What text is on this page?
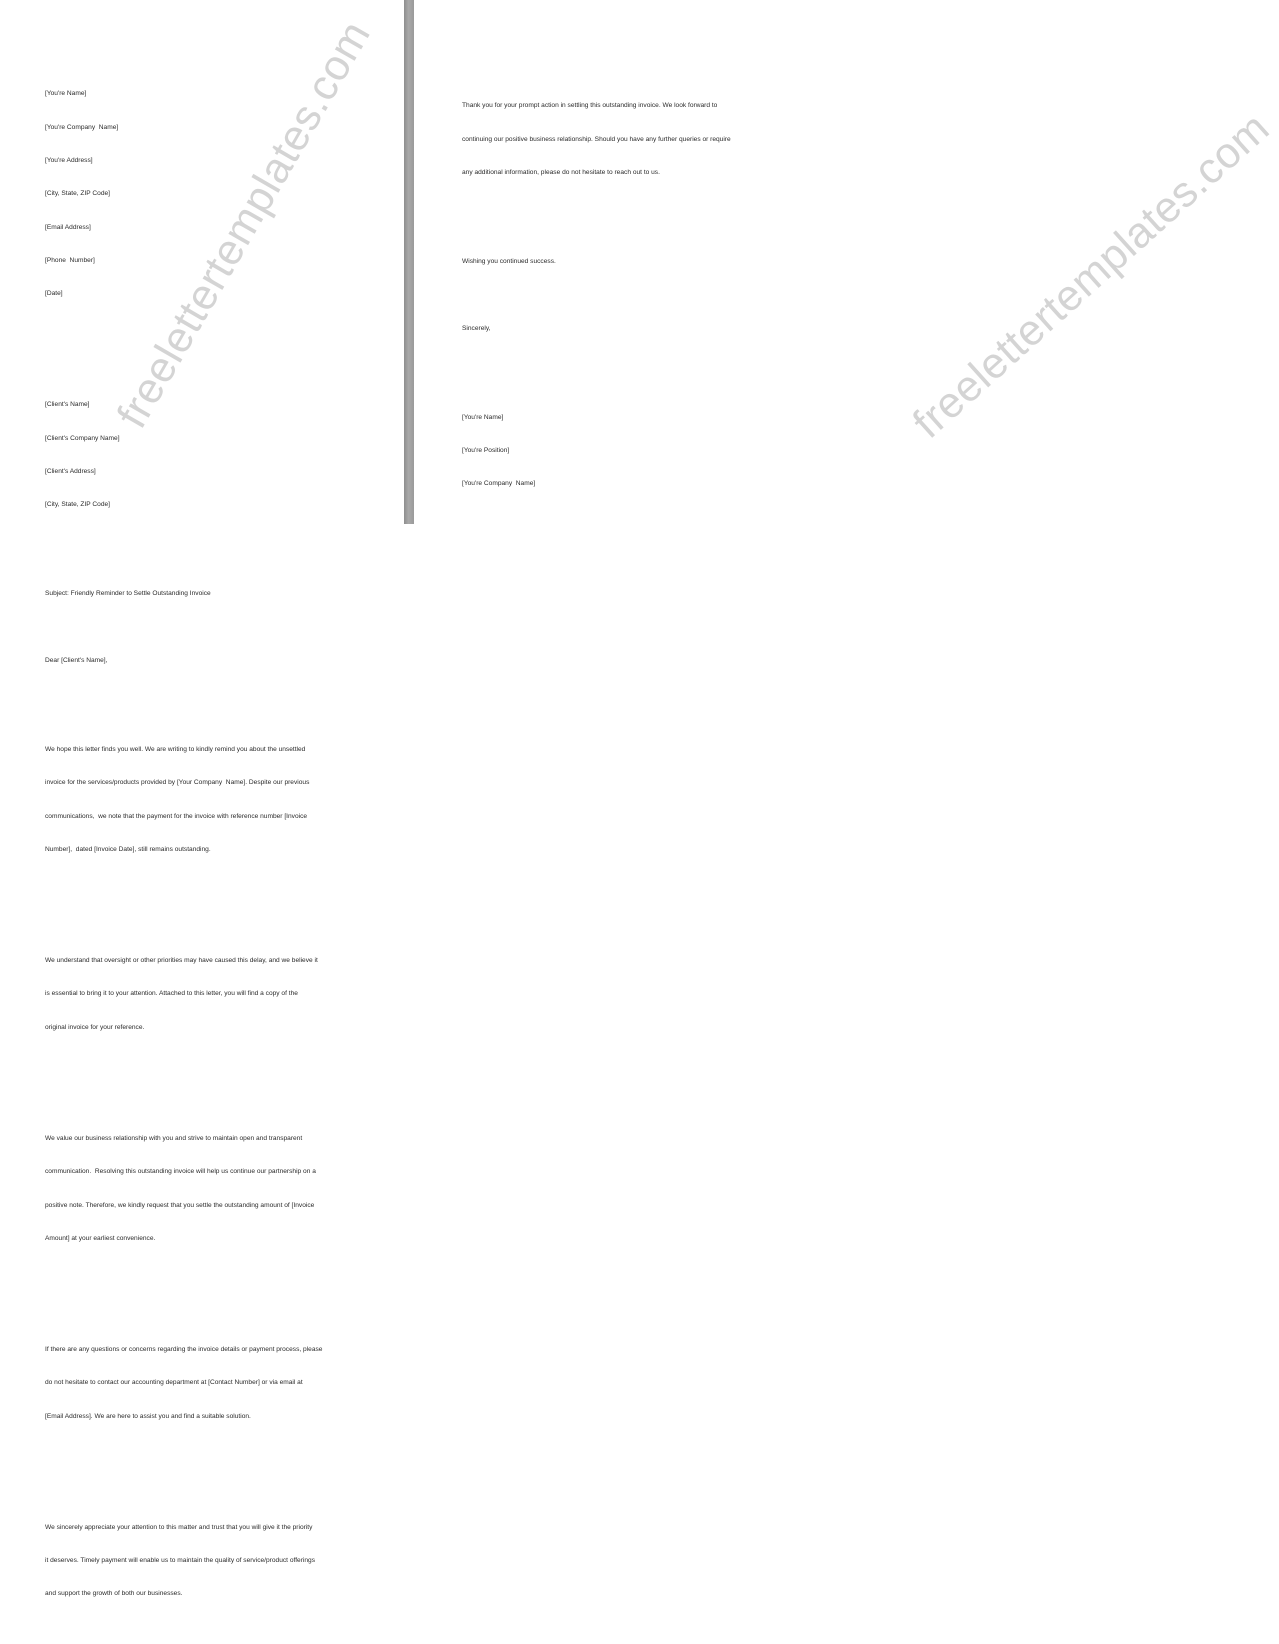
[You're Name]

[You're Company  Name]

[You're Address]

[City, State, ZIP Code]

[Email Address]

[Phone  Number]

[Date]

[Client's Name]

[Client's Company Name]

[Client's Address]

[City, State, ZIP Code]

Subject: Friendly Reminder to Settle Outstanding Invoice

Dear [Client's Name],

We hope this letter finds you well. We are writing to kindly remind you about the unsettled

invoice for the services/products provided by [Your Company  Name]. Despite our previous

communications,  we note that the payment for the invoice with reference number [Invoice

Number],  dated [Invoice Date], still remains outstanding.

We understand that oversight or other priorities may have caused this delay, and we believe it

is essential to bring it to your attention. Attached to this letter, you will find a copy of the

original invoice for your reference.

We value our business relationship with you and strive to maintain open and transparent

communication.  Resolving this outstanding invoice will help us continue our partnership on a

positive note. Therefore, we kindly request that you settle the outstanding amount of [Invoice

Amount] at your earliest convenience.

If there are any questions or concerns regarding the invoice details or payment process, please

do not hesitate to contact our accounting department at [Contact Number] or via email at

[Email Address]. We are here to assist you and find a suitable solution.

We sincerely appreciate your attention to this matter and trust that you will give it the priority

it deserves. Timely payment will enable us to maintain the quality of service/product offerings

and support the growth of both our businesses.

freelettertemplates.com

	Thank you for your prompt action in settling this outstanding invoice. We look forward to

continuing our positive business relationship. Should you have any further queries or require

any additional information, please do not hesitate to reach out to us.

Wishing you continued success.

Sincerely,

[You're Name]

[You're Position]

[You're Company  Name]

freelettertemplates.com
